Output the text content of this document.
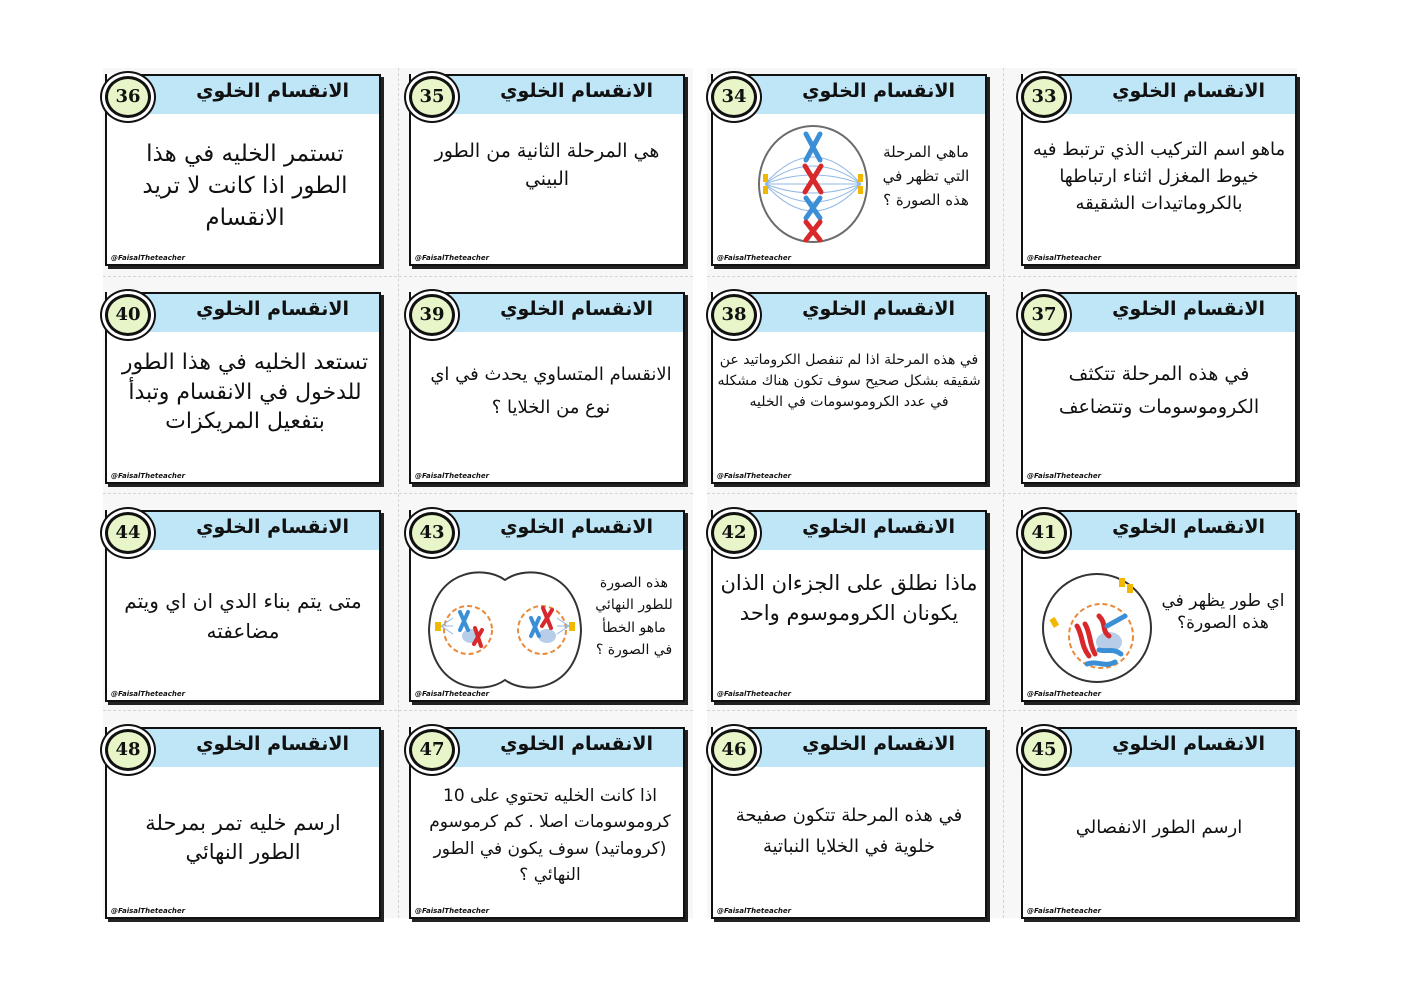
الانقسام الخلوي
36
تستمر الخليه في هذا الطور اذا كانت لا تريد الانقسام
@FaisalTheteacher
الانقسام الخلوي
35
هي المرحلة الثانية من الطور البيني
@FaisalTheteacher
الانقسام الخلوي
34
ماهي المرحلة التي تظهر في هذه الصورة ؟
@FaisalTheteacher
الانقسام الخلوي
33
ماهو اسم التركيب الذي ترتبط فيه خيوط المغزل اثناء ارتباطها بالكروماتيدات الشقيقه
@FaisalTheteacher
الانقسام الخلوي
40
تستعد الخليه في هذا الطور للدخول في الانقسام وتبدأ بتفعيل المريكزات
@FaisalTheteacher
الانقسام الخلوي
39
الانقسام المتساوي يحدث في اي نوع من الخلايا ؟
@FaisalTheteacher
الانقسام الخلوي
38
في هذه المرحلة اذا لم تنفصل الكروماتيد عن شقيقه بشكل صحيح سوف تكون هناك مشكله في عدد الكروموسومات في الخليه
@FaisalTheteacher
الانقسام الخلوي
37
في هذه المرحلة تتكثف الكروموسومات وتتضاعف
@FaisalTheteacher
الانقسام الخلوي
44
متى يتم بناء الدي ان اي ويتم مضاعفته
@FaisalTheteacher
الانقسام الخلوي
43
هذه الصورة للطور النهائي ماهو الخطأ في الصورة ؟
@FaisalTheteacher
الانقسام الخلوي
42
ماذا نطلق على الجزءان الذان يكونان الكروموسوم واحد
@FaisalTheteacher
الانقسام الخلوي
41
اي طور يظهر في هذه الصورة؟
@FaisalTheteacher
الانقسام الخلوي
48
ارسم خليه تمر بمرحلة الطور النهائي
@FaisalTheteacher
الانقسام الخلوي
47
اذا كانت الخليه تحتوي على 10 كروموسومات اصلا . كم كرموسوم (كروماتيد) سوف يكون في الطور النهائي ؟
@FaisalTheteacher
الانقسام الخلوي
46
في هذه المرحلة تتكون صفيحة خلوية في الخلايا النباتية
@FaisalTheteacher
الانقسام الخلوي
45
ارسم الطور الانفصالي
@FaisalTheteacher
